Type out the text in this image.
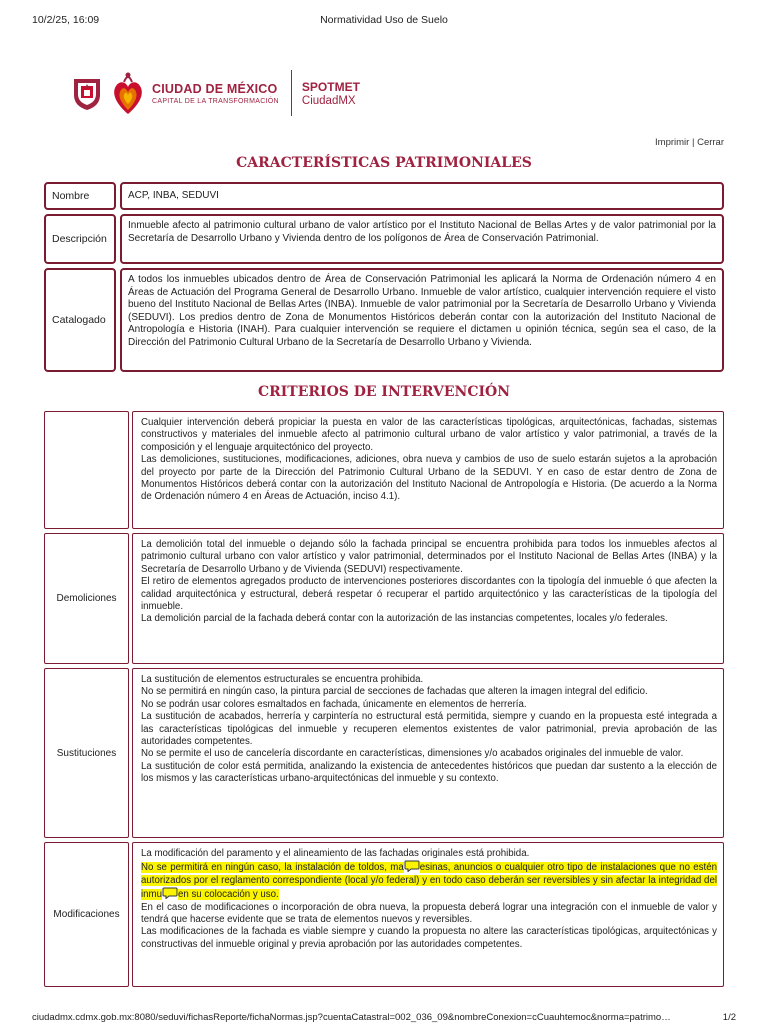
10/2/25, 16:09	Normatividad Uso de Suelo
CIUDAD DE MÉXICO
CAPITAL DE LA TRANSFORMACIÓN
SPOTMET
CiudadMX
Imprimir | Cerrar
CARACTERÍSTICAS PATRIMONIALES
Nombre	ACP, INBA, SEDUVI
Descripción
Inmueble afecto al patrimonio cultural urbano de valor artístico por el Instituto Nacional de Bellas Artes y de valor patrimonial por la Secretaría de Desarrollo Urbano y Vivienda dentro de los polígonos de Área de Conservación Patrimonial.
Catalogado
A todos los inmuebles ubicados dentro de Área de Conservación Patrimonial les aplicará la Norma de Ordenación número 4 en Áreas de Actuación del Programa General de Desarrollo Urbano. Inmueble de valor artístico, cualquier intervención requiere el visto bueno del Instituto Nacional de Bellas Artes (INBA). Inmueble de valor patrimonial por la Secretaría de Desarrollo Urbano y Vivienda (SEDUVI). Los predios dentro de Zona de Monumentos Históricos deberán contar con la autorización del Instituto Nacional de Antropología e Historia (INAH). Para cualquier intervención se requiere el dictamen u opinión técnica, según sea el caso, de la Dirección del Patrimonio Cultural Urbano de la Secretaría de Desarrollo Urbano y Vivienda.
CRITERIOS DE INTERVENCIÓN

Cualquier intervención deberá propiciar la puesta en valor de las características tipológicas, arquitectónicas, fachadas, sistemas constructivos y materiales del inmueble afecto al patrimonio cultural urbano de valor artístico y valor patrimonial, a través de la composición y el lenguaje arquitectónico del proyecto.

Las demoliciones, sustituciones, modificaciones, adiciones, obra nueva y cambios de uso de suelo estarán sujetos a la aprobación del proyecto por parte de la Dirección del Patrimonio Cultural Urbano de la SEDUVI. Y en caso de estar dentro de Zona de Monumentos Históricos deberá contar con la autorización del Instituto Nacional de Antropología e Historia. (De acuerdo a la Norma de Ordenación número 4 en Áreas de Actuación, inciso 4.1).

Demoliciones

La demolición total del inmueble o dejando sólo la fachada principal se encuentra prohibida para todos los inmuebles afectos al patrimonio cultural urbano con valor artístico y valor patrimonial, determinados por el Instituto Nacional de Bellas Artes (INBA) y la Secretaría de Desarrollo Urbano y de Vivienda (SEDUVI) respectivamente.

El retiro de elementos agregados producto de intervenciones posteriores discordantes con la tipología del inmueble ó que afecten la calidad arquitectónica y estructural, deberá respetar ó recuperar el partido arquitectónico y las características de la tipología del inmueble.

La demolición parcial de la fachada deberá contar con la autorización de las instancias competentes, locales y/o federales.

Sustituciones

La sustitución de elementos estructurales se encuentra prohibida.

No se permitirá en ningún caso, la pintura parcial de secciones de fachadas que alteren la imagen integral del edificio.

No se podrán usar colores esmaltados en fachada, únicamente en elementos de herrería.

La sustitución de acabados, herrería y carpintería no estructural está permitida, siempre y cuando en la propuesta esté integrada a las características tipológicas del inmueble y recuperen elementos existentes de valor patrimonial, previa aprobación de las autoridades competentes.

No se permite el uso de cancelería discordante en características, dimensiones y/o acabados originales del inmueble de valor.

La sustitución de color está permitida, analizando la existencia de antecedentes históricos que puedan dar sustento a la elección de los mismos y las características urbano-arquitectónicas del inmueble y su contexto.

Modificaciones

La modificación del paramento y el alineamiento de las fachadas originales está prohibida.

No se permitirá en ningún caso, la instalación de toldos, ma esinas, anuncios o cualquier otro tipo de instalaciones que no estén autorizados por el reglamento correspondiente (local y/o federal) y en todo caso deberán ser reversibles y sin afectar la integridad del inmu en su colocación y uso.

En el caso de modificaciones o incorporación de obra nueva, la propuesta deberá lograr una integración con el inmueble de valor y tendrá que hacerse evidente que se trata de elementos nuevos y reversibles.

Las modificaciones de la fachada es viable siempre y cuando la propuesta no altere las características tipológicas, arquitectónicas y constructivas del inmueble original y previa aprobación por las autoridades competentes.

ciudadmx.cdmx.gob.mx:8080/seduvi/fichasReporte/fichaNormas.jsp?cuentaCatastral=002_036_09&nombreConexion=cCuauhtemoc&norma=patrimo…	1/2
